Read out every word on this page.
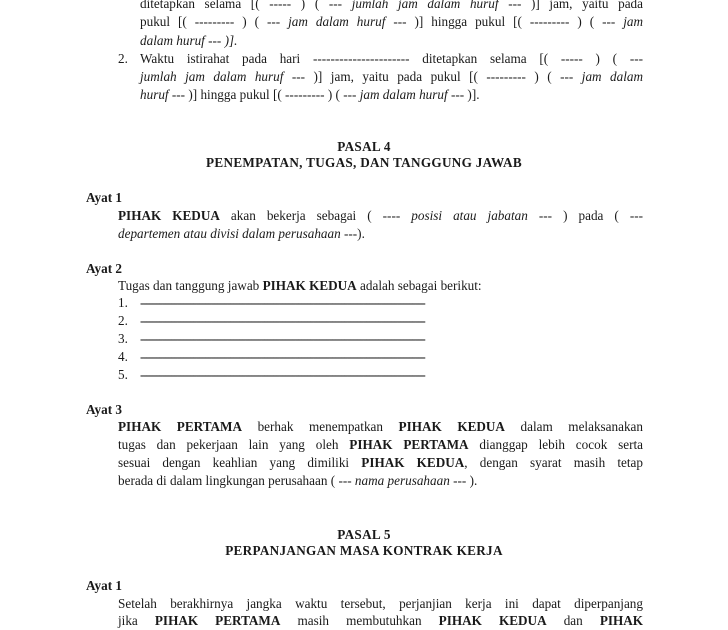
ditetapkan selama [( ----- ) ( --- jumlah jam dalam huruf --- )] jam, yaitu pada
pukul [( --------- ) ( --- jam dalam huruf --- )] hingga pukul [( --------- ) ( --- jam
dalam huruf --- )].
2. Waktu istirahat pada hari ---------------------- ditetapkan selama [( ----- ) ( ---
jumlah jam dalam huruf --- )] jam, yaitu pada pukul [( --------- ) ( --- jam dalam
huruf --- )] hingga pukul [( --------- ) ( --- jam dalam huruf --- )].
PASAL 4
PENEMPATAN, TUGAS, DAN TANGGUNG JAWAB
Ayat 1
PIHAK KEDUA akan bekerja sebagai ( ---- posisi atau jabatan --- ) pada ( ---
departemen atau divisi dalam perusahaan ---).
Ayat 2
Tugas dan tanggung jawab PIHAK KEDUA adalah sebagai berikut:
1. --------------------------------------------------------------------------------------------
2. --------------------------------------------------------------------------------------------
3. --------------------------------------------------------------------------------------------
4. --------------------------------------------------------------------------------------------
5. --------------------------------------------------------------------------------------------
Ayat 3
PIHAK PERTAMA berhak menempatkan PIHAK KEDUA dalam melaksanakan
tugas dan pekerjaan lain yang oleh PIHAK PERTAMA dianggap lebih cocok serta
sesuai dengan keahlian yang dimiliki PIHAK KEDUA, dengan syarat masih tetap
berada di dalam lingkungan perusahaan ( --- nama perusahaan --- ).
PASAL 5
PERPANJANGAN MASA KONTRAK KERJA
Ayat 1
Setelah berakhirnya jangka waktu tersebut, perjanjian kerja ini dapat diperpanjang
jika PIHAK PERTAMA masih membutuhkan PIHAK KEDUA dan PIHAK
